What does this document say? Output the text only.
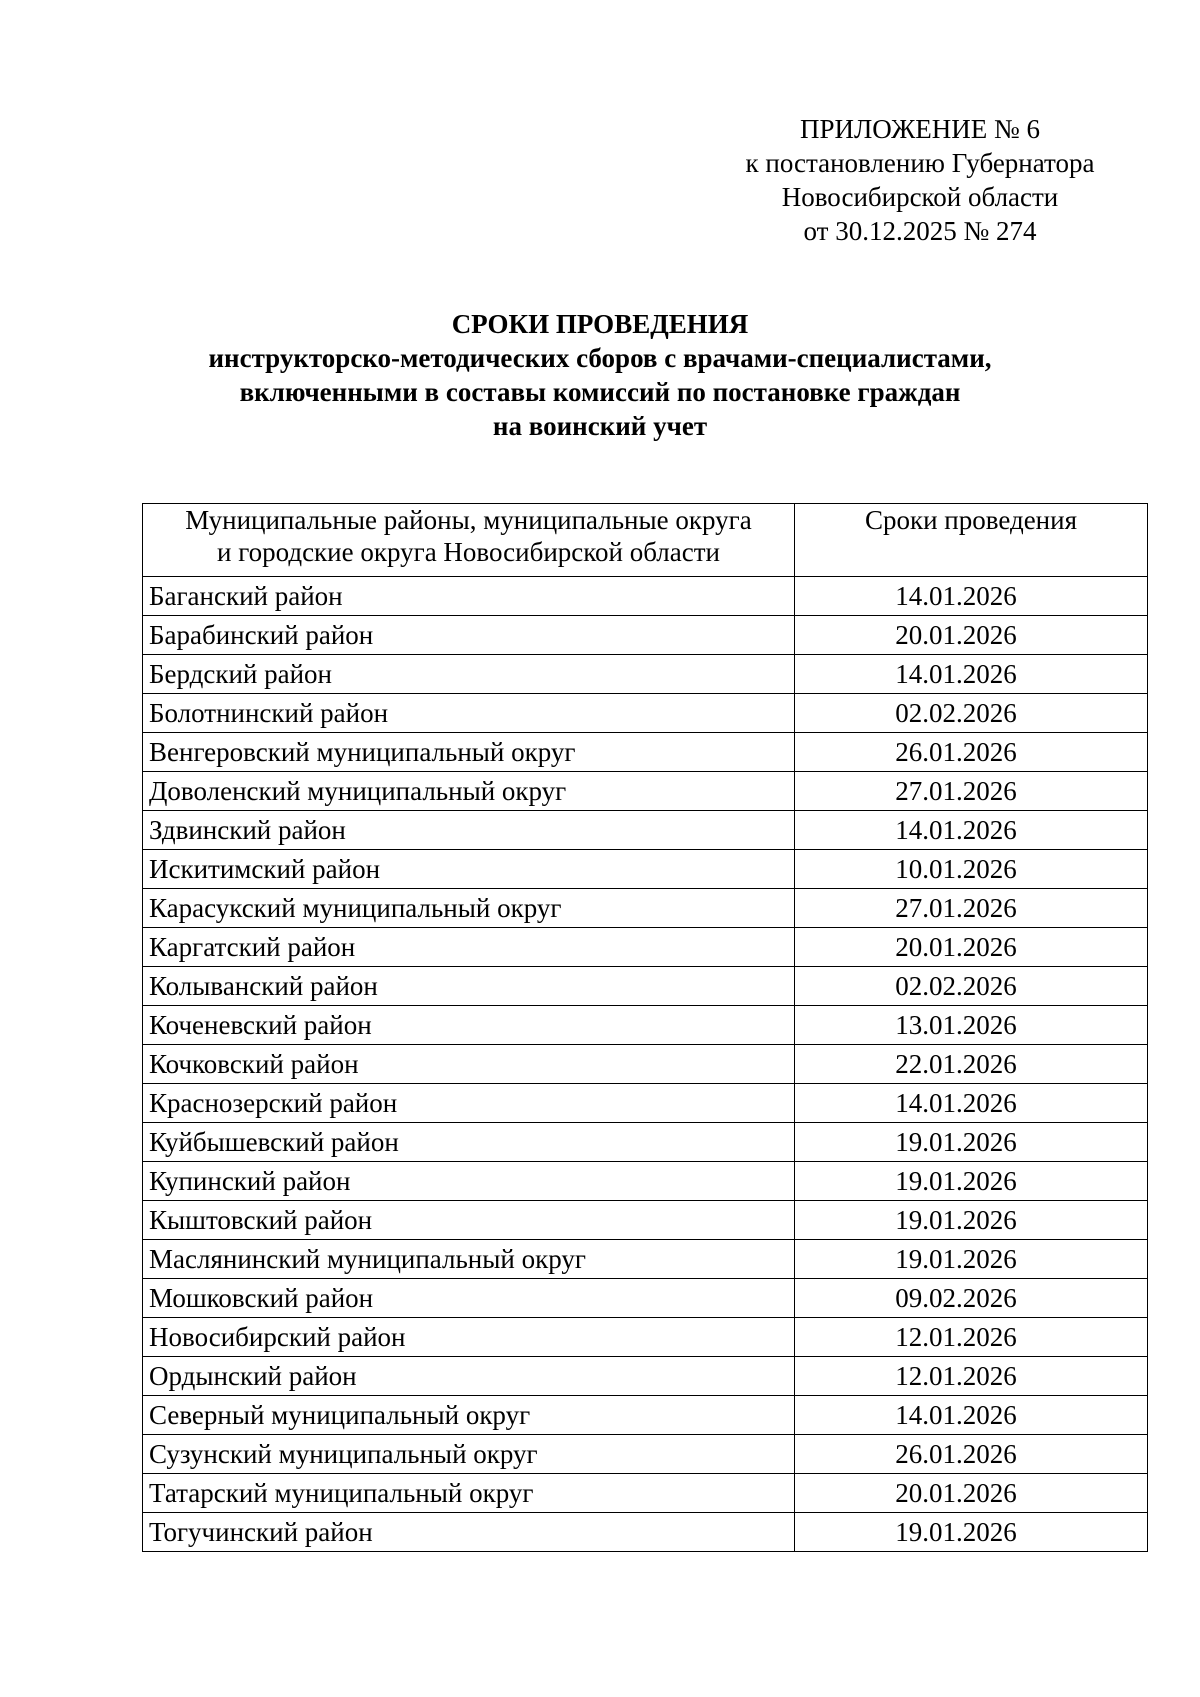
ПРИЛОЖЕНИЕ № 6
к постановлению Губернатора
Новосибирской области
от 30.12.2025 № 274
СРОКИ ПРОВЕДЕНИЯ
инструкторско-методических сборов с врачами-специалистами,
включенными в составы комиссий по постановке граждан
на воинский учет
Муниципальные районы, муниципальные округа
и городские округа Новосибирской области	Сроки проведения
Баганский район	14.01.2026
Барабинский район	20.01.2026
Бердский район	14.01.2026
Болотнинский район	02.02.2026
Венгеровский муниципальный округ	26.01.2026
Доволенский муниципальный округ	27.01.2026
Здвинский район	14.01.2026
Искитимский район	10.01.2026
Карасукский муниципальный округ	27.01.2026
Каргатский район	20.01.2026
Колыванский район	02.02.2026
Коченевский район	13.01.2026
Кочковский район	22.01.2026
Краснозерский район	14.01.2026
Куйбышевский район	19.01.2026
Купинский район	19.01.2026
Кыштовский район	19.01.2026
Маслянинский муниципальный округ	19.01.2026
Мошковский район	09.02.2026
Новосибирский район	12.01.2026
Ордынский район	12.01.2026
Северный муниципальный округ	14.01.2026
Сузунский муниципальный округ	26.01.2026
Татарский муниципальный округ	20.01.2026
Тогучинский район	19.01.2026
